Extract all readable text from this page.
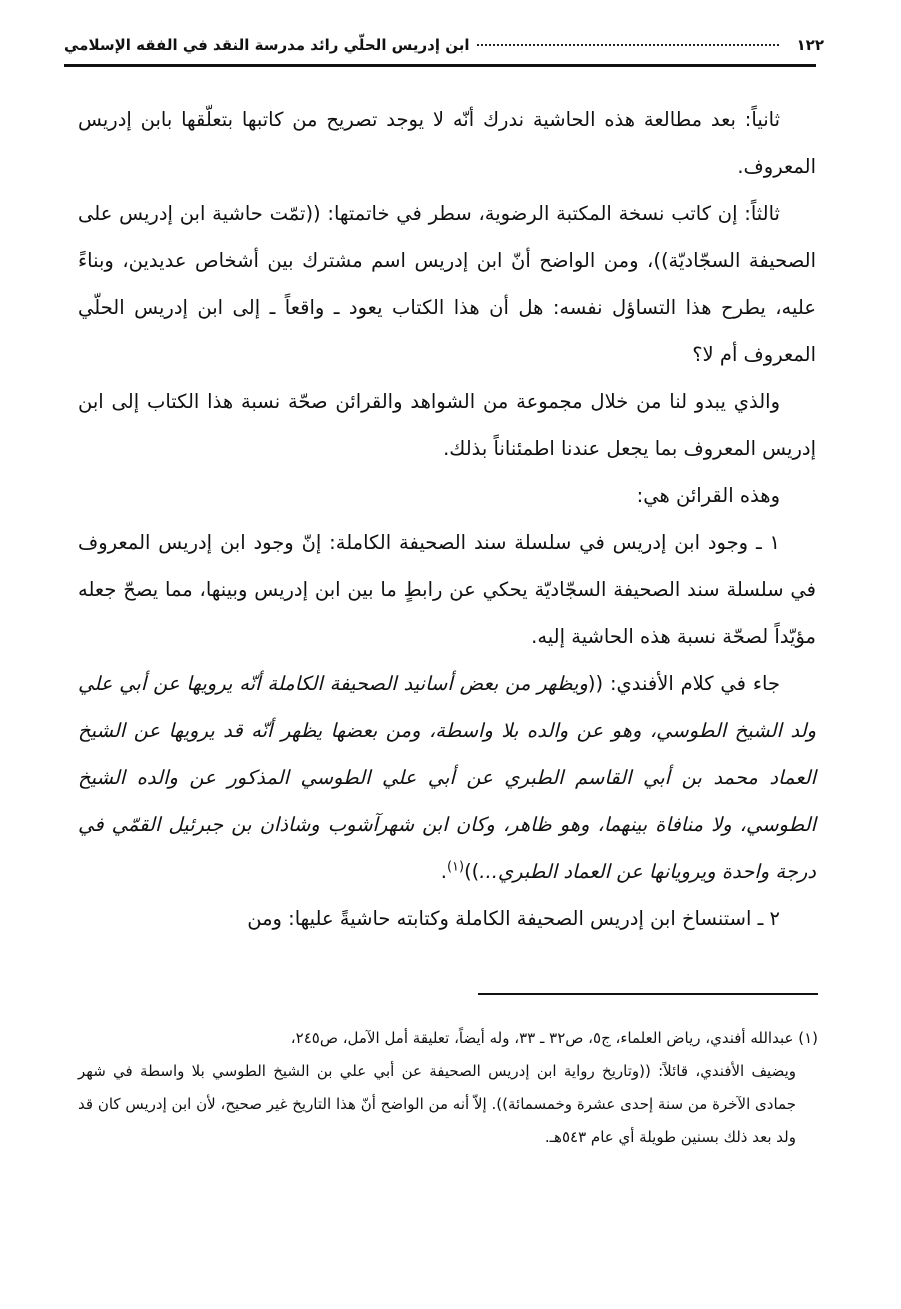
١٢٢
ابن إدريس الحلّي رائد مدرسة النقد في الفقه الإسلامي

ثانياً: بعد مطالعة هذه الحاشية ندرك أنّه لا يوجد تصريح من كاتبها بتعلّقها بابن إدريس المعروف.

ثالثاً: إن كاتب نسخة المكتبة الرضوية، سطر في خاتمتها: ((تمّت حاشية ابن إدريس على الصحيفة السجّاديّة))، ومن الواضح أنّ ابن إدريس اسم مشترك بين أشخاص عديدين، وبناءً عليه، يطرح هذا التساؤل نفسه: هل أن هذا الكتاب يعود ـ واقعاً ـ إلى ابن إدريس الحلّي المعروف أم لا؟

والذي يبدو لنا من خلال مجموعة من الشواهد والقرائن صحّة نسبة هذا الكتاب إلى ابن إدريس المعروف بما يجعل عندنا اطمئناناً بذلك.

وهذه القرائن هي:

١ ـ وجود ابن إدريس في سلسلة سند الصحيفة الكاملة: إنّ وجود ابن إدريس المعروف في سلسلة سند الصحيفة السجّاديّة يحكي عن رابطٍ ما بين ابن إدريس وبينها، مما يصحّ جعله مؤيّداً لصحّة نسبة هذه الحاشية إليه.

جاء في كلام الأفندي: ((ويظهر من بعض أسانيد الصحيفة الكاملة أنّه يرويها عن أبي علي ولد الشيخ الطوسي، وهو عن والده بلا واسطة، ومن بعضها يظهر أنّه قد يرويها عن الشيخ العماد محمد بن أبي القاسم الطبري عن أبي علي الطوسي المذكور عن والده الشيخ الطوسي، ولا منافاة بينهما، وهو ظاهر، وكان ابن شهرآشوب وشاذان بن جبرئيل القمّي في درجة واحدة ويرويانها عن العماد الطبري...))$^{(١)}$.

٢ ـ استنساخ ابن إدريس الصحيفة الكاملة وكتابته حاشيةً عليها: ومن

(١) عبدالله أفندي، رياض العلماء، ج٥، ص٣٢ ـ ٣٣، وله أيضاً، تعليقة أمل الآمل، ص٢٤٥،

ويضيف الأفندي، قائلاً: ((وتاريخ رواية ابن إدريس الصحيفة عن أبي علي بن الشيخ الطوسي بلا واسطة في شهر جمادى الآخرة من سنة إحدى عشرة وخمسمائة)). إلاّ أنه من الواضح أنّ هذا التاريخ غير صحيح، لأن ابن إدريس كان قد ولد بعد ذلك بسنين طويلة أي عام ٥٤٣هـ.
